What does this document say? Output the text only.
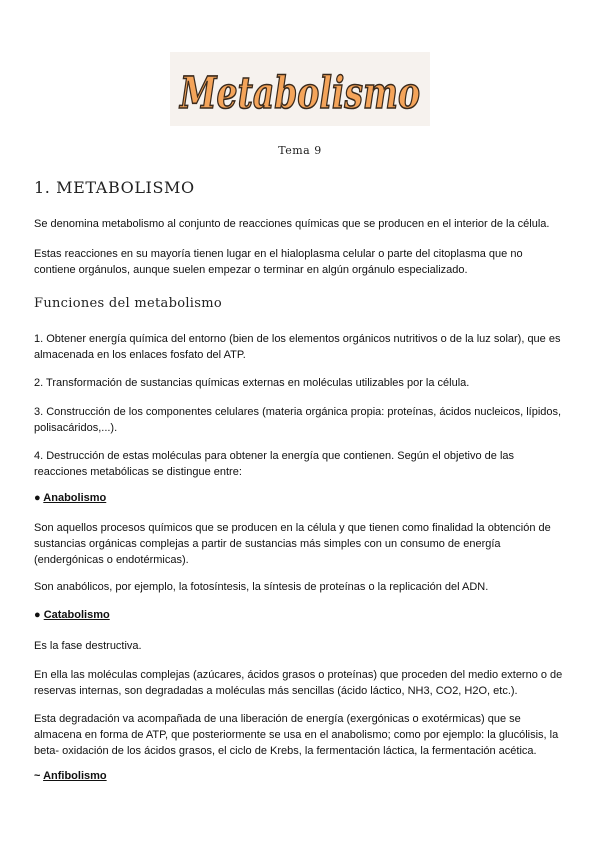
Metabolismo
Tema 9
1. METABOLISMO
Se denomina metabolismo al conjunto de reacciones químicas que se producen en el interior de la célula.
Estas reacciones en su mayoría tienen lugar en el hialoplasma celular o parte del citoplasma que no contiene orgánulos, aunque suelen empezar o terminar en algún orgánulo especializado.
Funciones del metabolismo
1. Obtener energía química del entorno (bien de los elementos orgánicos nutritivos o de la luz solar), que es almacenada en los enlaces fosfato del ATP.
2. Transformación de sustancias químicas externas en moléculas utilizables por la célula.
3. Construcción de los componentes celulares (materia orgánica propia: proteínas, ácidos nucleicos, lípidos, polisacáridos,...).
4. Destrucción de estas moléculas para obtener la energía que contienen. Según el objetivo de las reacciones metabólicas se distingue entre:
● Anabolismo
Son aquellos procesos químicos que se producen en la célula y que tienen como finalidad la obtención de sustancias orgánicas complejas a partir de sustancias más simples con un consumo de energía (endergónicas o endotérmicas).
Son anabólicos, por ejemplo, la fotosíntesis, la síntesis de proteínas o la replicación del ADN.
● Catabolismo
Es la fase destructiva.
En ella las moléculas complejas (azúcares, ácidos grasos o proteínas) que proceden del medio externo o de reservas internas, son degradadas a moléculas más sencillas (ácido láctico, NH3, CO2, H2O, etc.).
Esta degradación va acompañada de una liberación de energía (exergónicas o exotérmicas) que se almacena en forma de ATP, que posteriormente se usa en el anabolismo; como por ejemplo: la glucólisis, la beta- oxidación de los ácidos grasos, el ciclo de Krebs, la fermentación láctica, la fermentación acética.
~ Anfibolismo
